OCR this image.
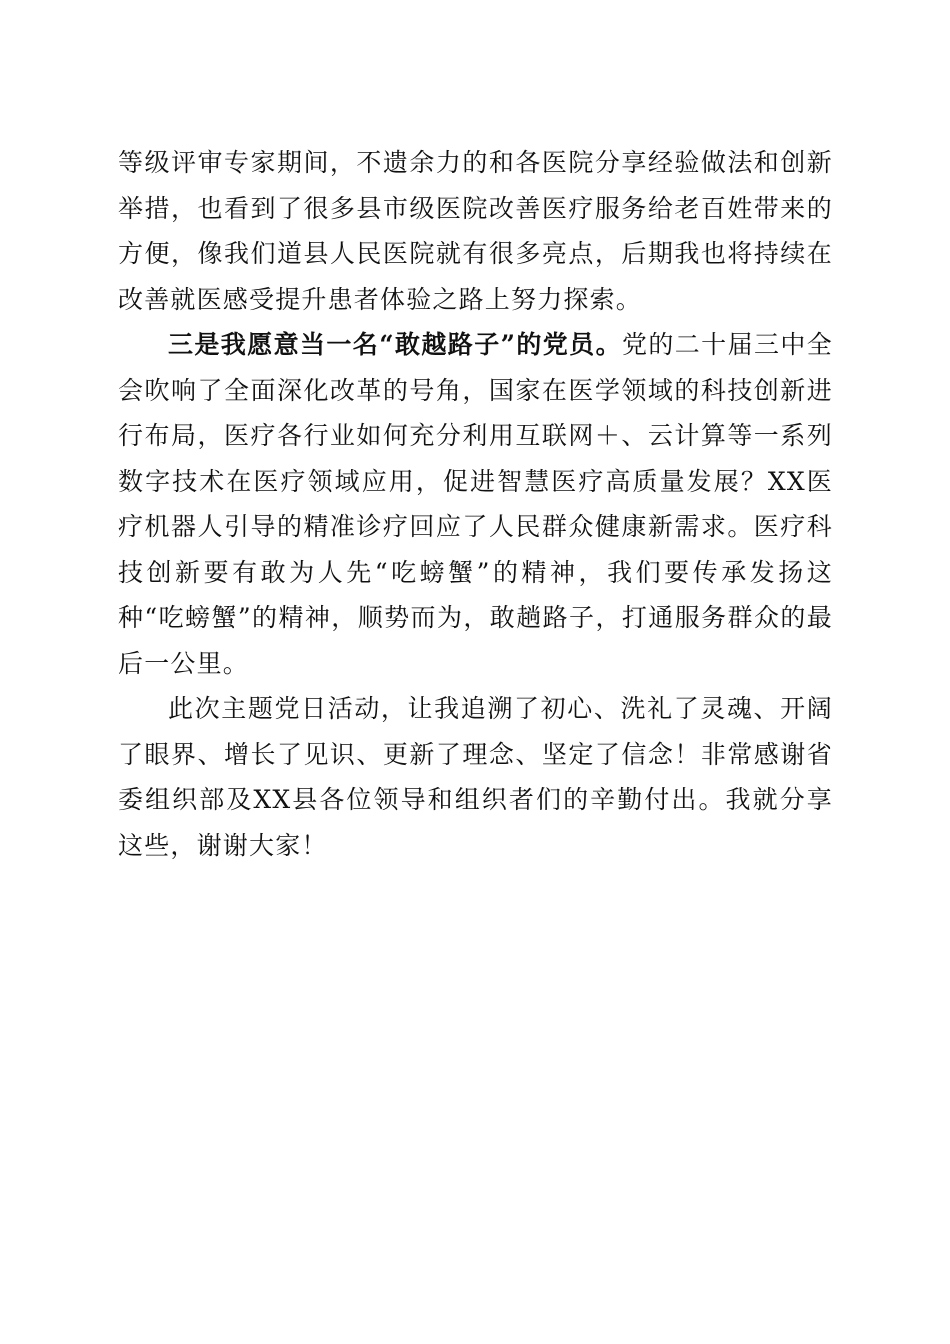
等级评审专家期间，不遗余力的和各医院分享经验做法和创新举措，也看到了很多县市级医院改善医疗服务给老百姓带来的方便，像我们道县人民医院就有很多亮点，后期我也将持续在改善就医感受提升患者体验之路上努力探索。

三是我愿意当一名“敢越路子”的党员。党的二十届三中全会吹响了全面深化改革的号角，国家在医学领域的科技创新进行布局，医疗各行业如何充分利用互联网＋、云计算等一系列数字技术在医疗领域应用，促进智慧医疗高质量发展？XX医疗机器人引导的精准诊疗回应了人民群众健康新需求。医疗科技创新要有敢为人先“吃螃蟹”的精神，我们要传承发扬这种“吃螃蟹”的精神，顺势而为，敢趟路子，打通服务群众的最后一公里。

此次主题党日活动，让我追溯了初心、洗礼了灵魂、开阔了眼界、增长了见识、更新了理念、坚定了信念！非常感谢省委组织部及XX县各位领导和组织者们的辛勤付出。我就分享这些，谢谢大家！
